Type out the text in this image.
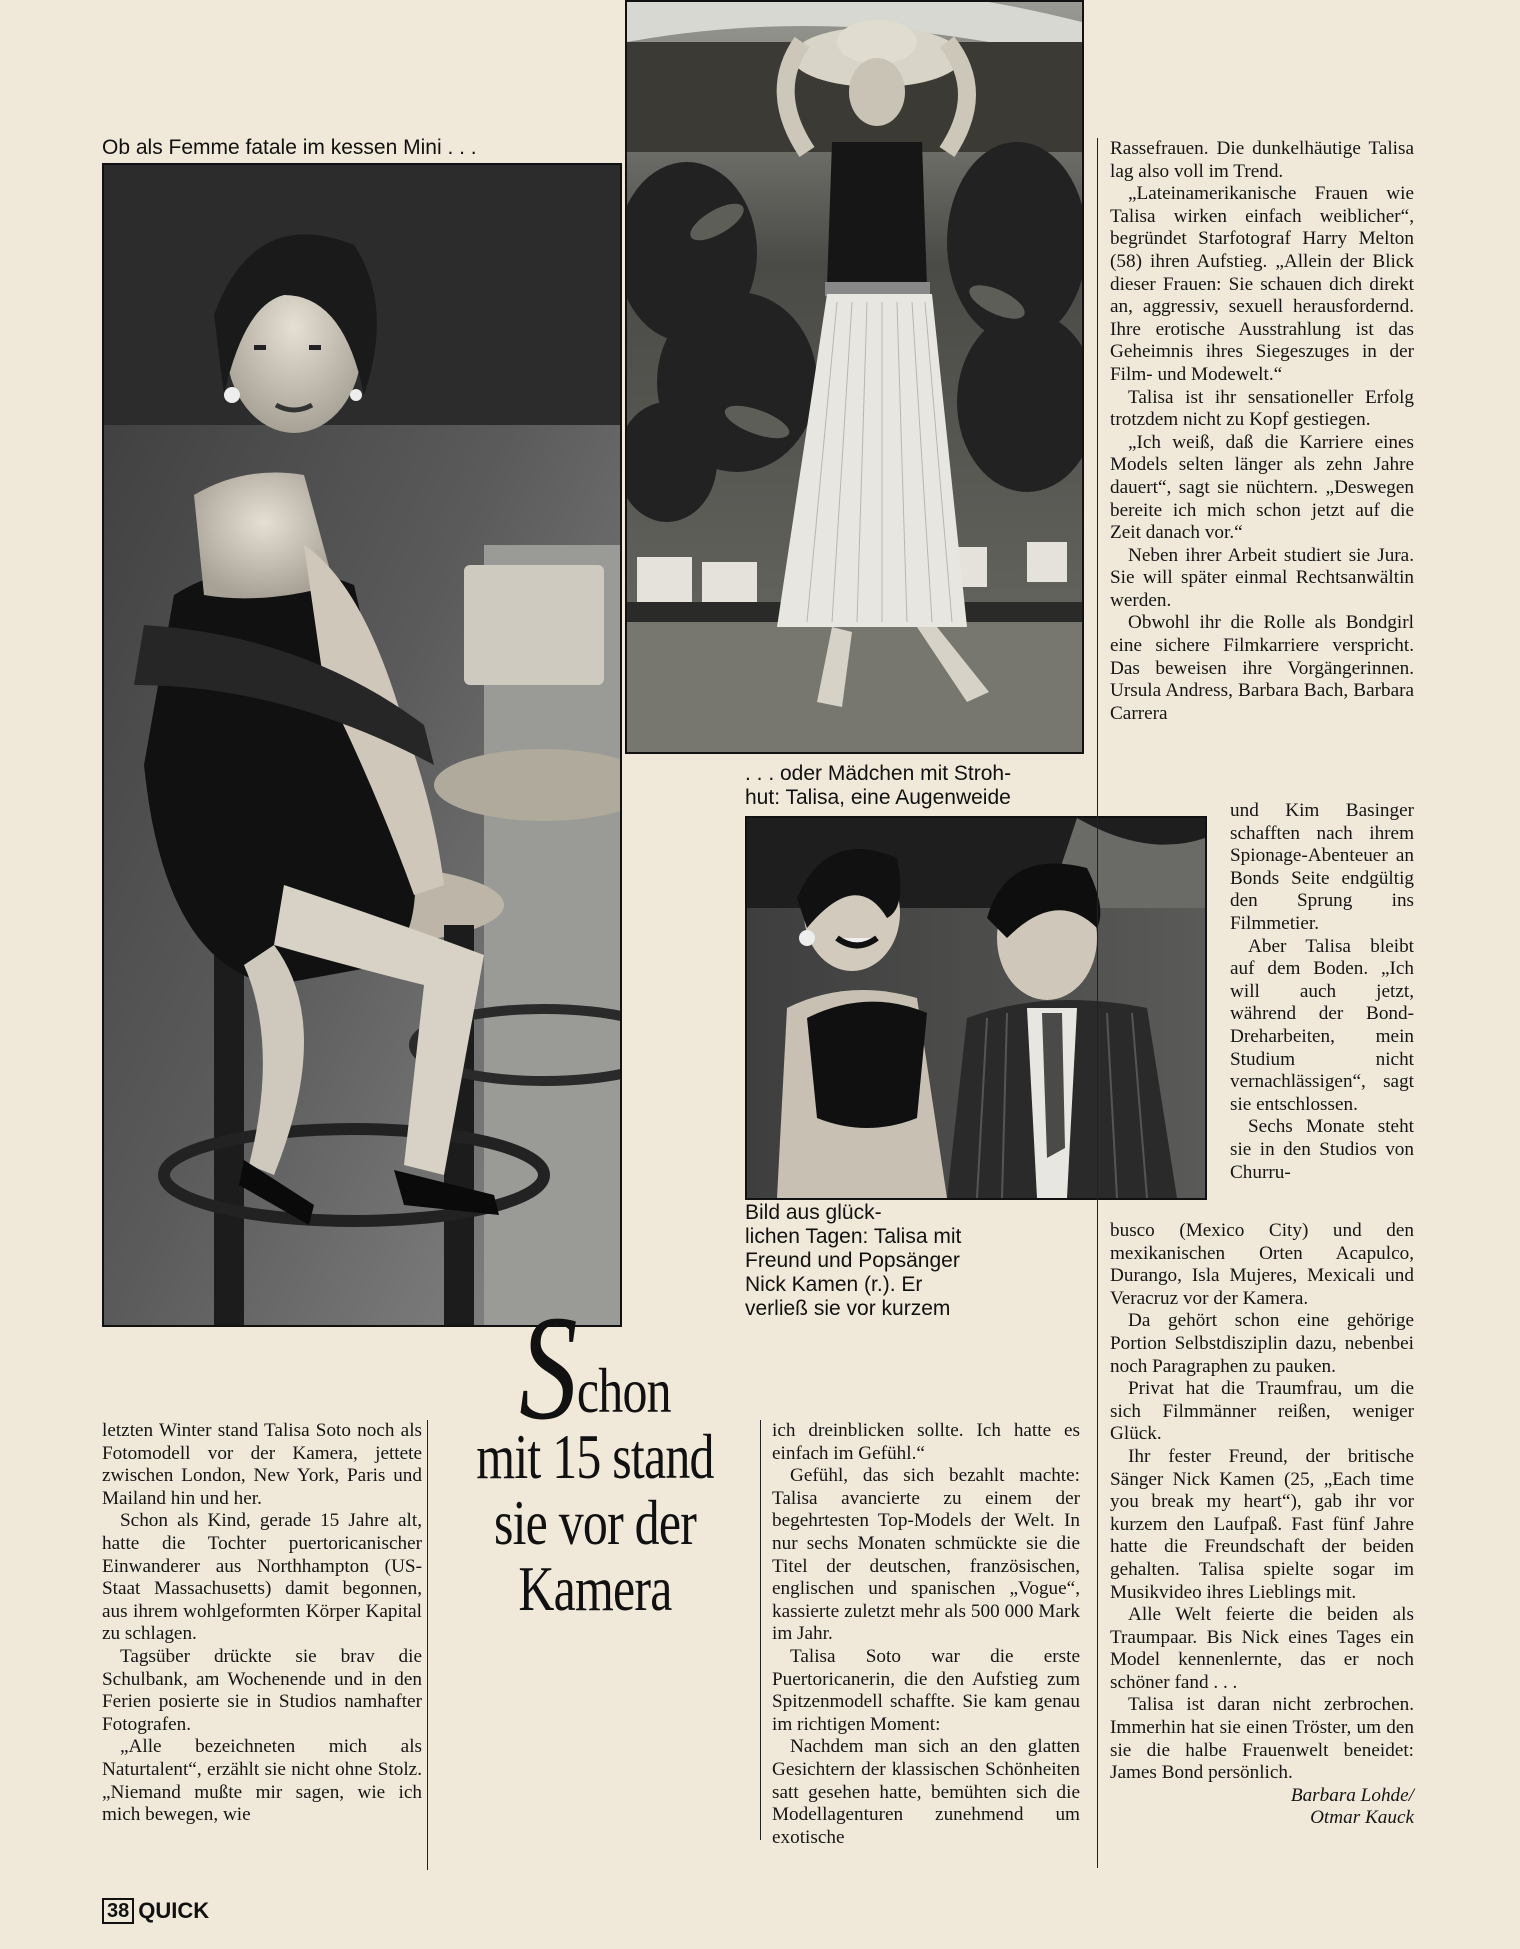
Ob als Femme fatale im kessen Mini . . .
. . . oder Mädchen mit Stroh-
hut: Talisa, eine Augenweide
Bild aus glück-
lichen Tagen: Talisa mit
Freund und Popsänger
Nick Kamen (r.). Er
verließ sie vor kurzem
Schon
mit 15 stand
sie vor der
Kamera

letzten Winter stand Talisa Soto noch als Fotomodell vor der Kamera, jettete zwischen London, New York, Paris und Mailand hin und her.

Schon als Kind, gerade 15 Jahre alt, hatte die Tochter puertoricanischer Einwanderer aus Northhampton (US-Staat Massachusetts) damit begonnen, aus ihrem wohlgeformten Körper Kapital zu schlagen.

Tagsüber drückte sie brav die Schulbank, am Wochenende und in den Ferien posierte sie in Studios namhafter Fotografen.

„Alle bezeichneten mich als Naturtalent“, erzählt sie nicht ohne Stolz. „Niemand mußte mir sagen, wie ich mich bewegen, wie

ich dreinblicken sollte. Ich hatte es einfach im Gefühl.“

Gefühl, das sich bezahlt machte: Talisa avancierte zu einem der begehrtesten Top-Models der Welt. In nur sechs Monaten schmückte sie die Titel der deutschen, französischen, englischen und spanischen „Vogue“, kassierte zuletzt mehr als 500 000 Mark im Jahr.

Talisa Soto war die erste Puertoricanerin, die den Aufstieg zum Spitzenmodell schaffte. Sie kam genau im richtigen Moment:

Nachdem man sich an den glatten Gesichtern der klassischen Schönheiten satt gesehen hatte, bemühten sich die Modellagenturen zunehmend um exotische

Rassefrauen. Die dunkelhäutige Talisa lag also voll im Trend.

„Lateinamerikanische Frauen wie Talisa wirken einfach weiblicher“, begründet Starfotograf Harry Melton (58) ihren Aufstieg. „Allein der Blick dieser Frauen: Sie schauen dich direkt an, aggressiv, sexuell herausfordernd. Ihre erotische Ausstrahlung ist das Geheimnis ihres Siegeszuges in der Film- und Modewelt.“

Talisa ist ihr sensationeller Erfolg trotzdem nicht zu Kopf gestiegen.

„Ich weiß, daß die Karriere eines Models selten länger als zehn Jahre dauert“, sagt sie nüchtern. „Deswegen bereite ich mich schon jetzt auf die Zeit danach vor.“

Neben ihrer Arbeit studiert sie Jura. Sie will später einmal Rechtsanwältin werden.

Obwohl ihr die Rolle als Bondgirl eine sichere Filmkarriere verspricht. Das beweisen ihre Vorgängerinnen. Ursula Andress, Barbara Bach, Barbara Carrera

und Kim Basinger schafften nach ihrem Spionage-Abenteuer an Bonds Seite endgültig den Sprung ins Filmmetier.

Aber Talisa bleibt auf dem Boden. „Ich will auch jetzt, während der Bond-Dreharbeiten, mein Studium nicht vernachlässigen“, sagt sie entschlossen.

Sechs Monate steht sie in den Studios von Churru-

busco (Mexico City) und den mexikanischen Orten Acapulco, Durango, Isla Mujeres, Mexicali und Veracruz vor der Kamera.

Da gehört schon eine gehörige Portion Selbstdisziplin dazu, nebenbei noch Paragraphen zu pauken.

Privat hat die Traumfrau, um die sich Filmmänner reißen, weniger Glück.

Ihr fester Freund, der britische Sänger Nick Kamen (25, „Each time you break my heart“), gab ihr vor kurzem den Laufpaß. Fast fünf Jahre hatte die Freundschaft der beiden gehalten. Talisa spielte sogar im Musikvideo ihres Lieblings mit.

Alle Welt feierte die beiden als Traumpaar. Bis Nick eines Tages ein Model kennenlernte, das er noch schöner fand . . .

Talisa ist daran nicht zerbrochen. Immerhin hat sie einen Tröster, um den sie die halbe Frauenwelt beneidet: James Bond persönlich.

Barbara Lohde/

Otmar Kauck

38 QUICK
